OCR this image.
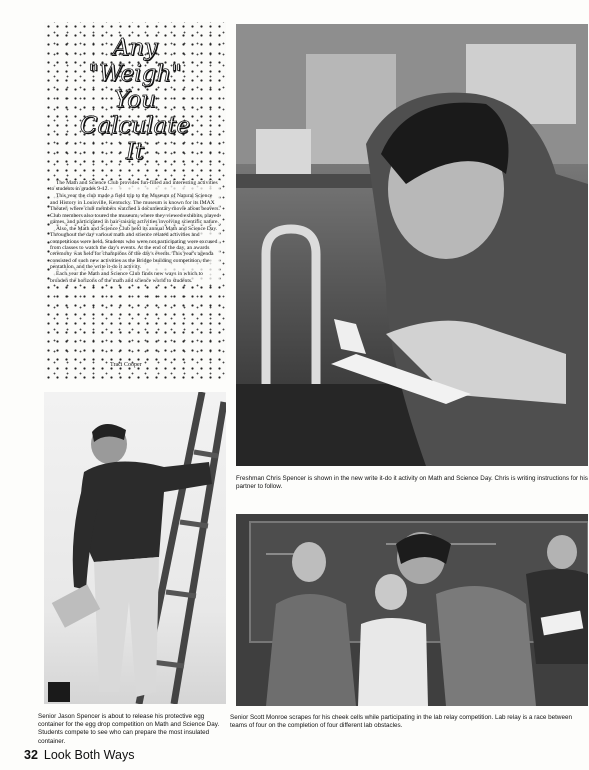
Any
"Weigh"
You
Calculate
It

The Math and Science Club provides fun-filled and interesting activities to students in grades 9-12.

This year the club made a field trip to the Museum of Natural Science and History in Louisville, Kentucky. The museum is known for its IMAX Theater, where club members watched a documentary movie about beavers. Club members also toured the museum, where they viewed exhibits, played games, and participated in hair-raising activities involving scientific nature.

Also, the Math and Science Club held its annual Math and Science Day. Throughout the day various math and science related activities and competitions were held. Students who were not participating were excused from classes to watch the day's events. At the end of the day, an awards ceremony was held for champions of the day's events. This year's agenda consisted of such new activities as the Bridge building competition, the pentathlon, and the write it-do it activity.

Each year the Math and Science Club finds new ways in which to broaden the horizons of the math and science world to students.

Traci Cooper
Freshman Chris Spencer is shown in the new write it-do it activity on Math and Science Day. Chris is writing instructions for his partner to follow.
Senior Jason Spencer is about to release his protective egg container for the egg drop competition on Math and Science Day. Students compete to see who can prepare the most insulated container.
Senior Scott Monroe scrapes for his cheek cells while participating in the lab relay competition. Lab relay is a race between teams of four on the completion of four different lab obstacles.
32 Look Both Ways
